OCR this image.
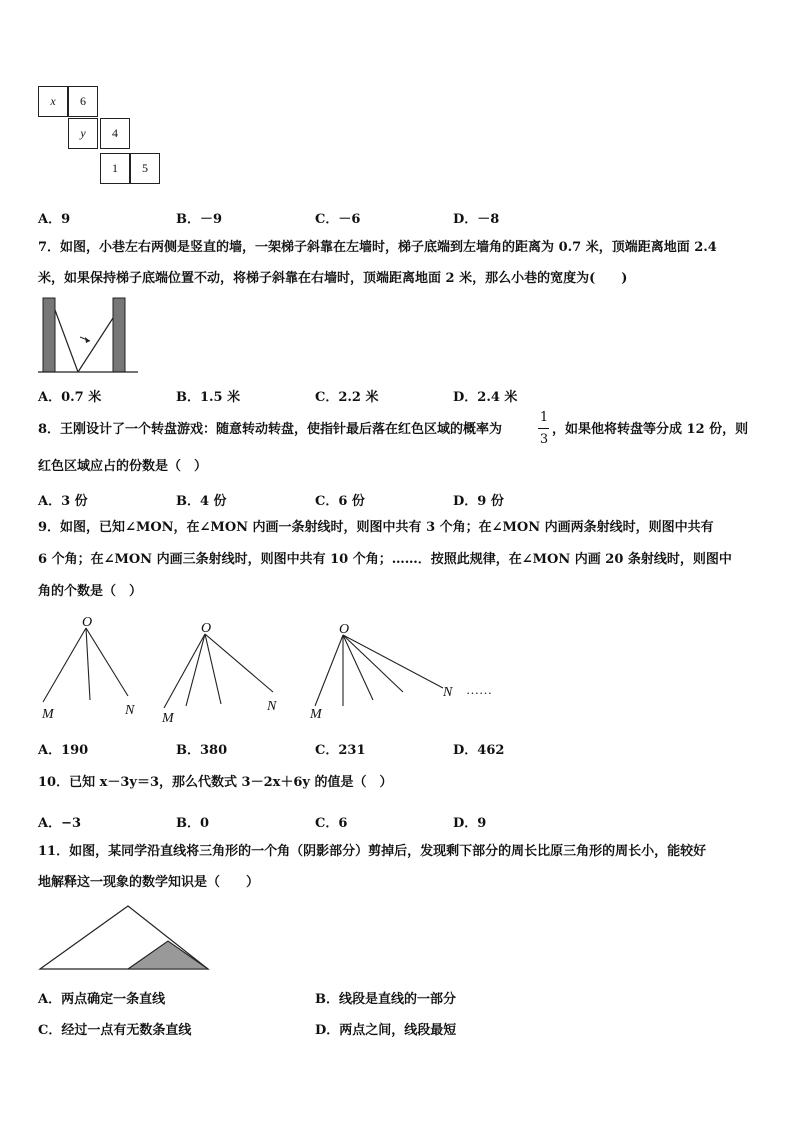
x	6
y	4
1	5
A．9	B．－9	C．－6	D．－8
7．如图，小巷左右两侧是竖直的墙，一架梯子斜靠在左墙时，梯子底端到左墙角的距离为 0.7 米，顶端距离地面 2.4
米，如果保持梯子底端位置不动，将梯子斜靠在右墙时，顶端距离地面 2 米，那么小巷的宽度为(　　)
A．0.7 米	B．1.5 米	C．2.2 米	D．2.4 米
8．王刚设计了一个转盘游戏：随意转动转盘，使指针最后落在红色区域的概率为
1
3
，如果他将转盘等分成 12 份，则
红色区域应占的份数是（　）
A．3 份	B．4 份	C．6 份	D．9 份
9．如图，已知∠MON，在∠MON 内画一条射线时，则图中共有 3 个角；在∠MON 内画两条射线时，则图中共有
6 个角；在∠MON 内画三条射线时，则图中共有 10 个角；……．按照此规律，在∠MON 内画 20 条射线时，则图中
角的个数是（　）
O
M	N
O
M
N
O
M
N ……
A．190	B．380	C．231	D．462
10．已知 x－3y＝3，那么代数式 3－2x＋6y 的值是（　）
A．−3	B．0	C．6	D．9
11．如图，某同学沿直线将三角形的一个角（阴影部分）剪掉后，发现剩下部分的周长比原三角形的周长小，能较好
地解释这一现象的数学知识是（　　）
A．两点确定一条直线	B．线段是直线的一部分
C．经过一点有无数条直线	D．两点之间，线段最短
